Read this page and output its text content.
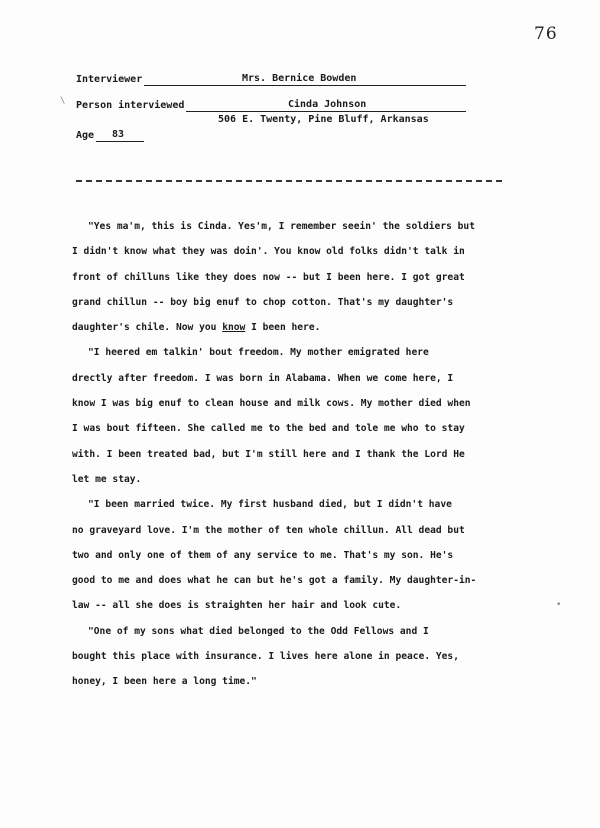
76
Interviewer	Mrs. Bernice Bowden
Person interviewed	Cinda Johnson
506 E. Twenty, Pine Bluff, Arkansas
Age 83

"Yes ma'm, this is Cinda. Yes'm, I remember seein' the soldiers but
I didn't know what they was doin'. You know old folks didn't talk in
front of chilluns like they does now -- but I been here. I got great
grand chillun -- boy big enuf to chop cotton. That's my daughter's
daughter's chile. Now you know I been here.

"I heered em talkin' bout freedom. My mother emigrated here
drectly after freedom. I was born in Alabama. When we come here, I
know I was big enuf to clean house and milk cows. My mother died when
I was bout fifteen. She called me to the bed and tole me who to stay
with. I been treated bad, but I'm still here and I thank the Lord He
let me stay.

"I been married twice. My first husband died, but I didn't have
no graveyard love. I'm the mother of ten whole chillun. All dead but
two and only one of them of any service to me. That's my son. He's
good to me and does what he can but he's got a family. My daughter-in-
law -- all she does is straighten her hair and look cute.

"One of my sons what died belonged to the Odd Fellows and I
bought this place with insurance. I lives here alone in peace. Yes,
honey, I been here a long time."

\
•
